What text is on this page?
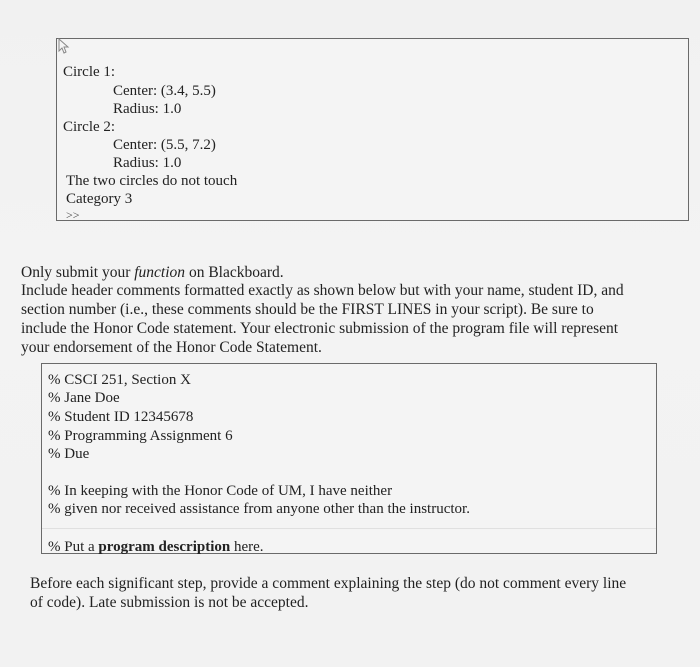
Circle 1:
Center: (3.4, 5.5)
Radius: 1.0
Circle 2:
Center: (5.5, 7.2)
Radius: 1.0
The two circles do not touch
Category 3
>>
Only submit your function on Blackboard.
Include header comments formatted exactly as shown below but with your name, student ID, and
section number (i.e., these comments should be the FIRST LINES in your script). Be sure to
include the Honor Code statement. Your electronic submission of the program file will represent
your endorsement of the Honor Code Statement.
% CSCI 251, Section X
% Jane Doe
% Student ID 12345678
% Programming Assignment 6
% Due
% In keeping with the Honor Code of UM, I have neither
% given nor received assistance from anyone other than the instructor.
% Put a program description here.
Before each significant step, provide a comment explaining the step (do not comment every line
of code). Late submission is not be accepted.
